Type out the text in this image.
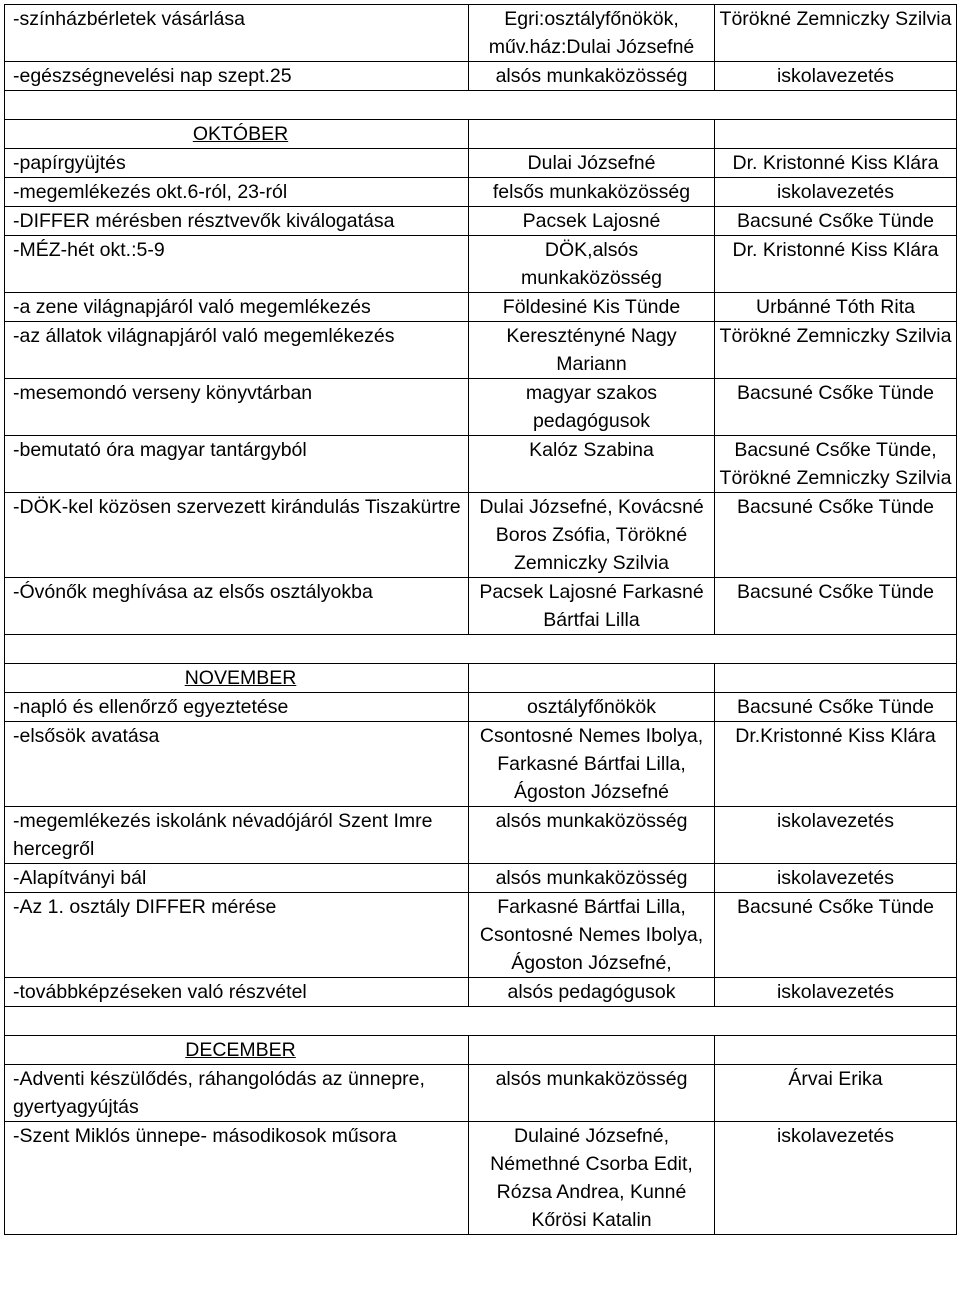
-színházbérletek vásárlása	Egri:osztályfőnökök, műv.ház:Dulai Józsefné	Törökné Zemniczky Szilvia
-egészségnevelési nap szept.25	alsós munkaközösség	iskolavezetés

OKTÓBER		
-papírgyüjtés	Dulai Józsefné	Dr. Kristonné Kiss Klára
-megemlékezés okt.6-ról, 23-ról	felsős munkaközösség	iskolavezetés
-DIFFER mérésben résztvevők kiválogatása	Pacsek Lajosné	Bacsuné Csőke Tünde
-MÉZ-hét okt.:5-9	DÖK,alsós munkaközösség	Dr. Kristonné Kiss Klára
-a zene világnapjáról való megemlékezés	Földesiné Kis Tünde	Urbánné Tóth Rita
-az állatok világnapjáról való megemlékezés	Keresztényné Nagy Mariann	Törökné Zemniczky Szilvia
-mesemondó verseny könyvtárban	magyar szakos pedagógusok	Bacsuné Csőke Tünde
-bemutató óra magyar tantárgyból	Kalóz Szabina	Bacsuné Csőke Tünde, Törökné Zemniczky Szilvia
-DÖK-kel közösen szervezett kirándulás Tiszakürtre	Dulai Józsefné, Kovácsné Boros Zsófia, Törökné Zemniczky Szilvia	Bacsuné Csőke Tünde
-Óvónők meghívása az elsős osztályokba	Pacsek Lajosné Farkasné Bártfai Lilla	Bacsuné Csőke Tünde

NOVEMBER		
-napló és ellenőrző egyeztetése	osztályfőnökök	Bacsuné Csőke Tünde
-elsősök avatása	Csontosné Nemes Ibolya, Farkasné Bártfai Lilla, Ágoston Józsefné	Dr.Kristonné Kiss Klára
-megemlékezés iskolánk névadójáról Szent Imre hercegről	alsós munkaközösség	iskolavezetés
-Alapítványi bál	alsós munkaközösség	iskolavezetés
-Az 1. osztály DIFFER mérése	Farkasné Bártfai Lilla, Csontosné Nemes Ibolya, Ágoston Józsefné,	Bacsuné Csőke Tünde
-továbbképzéseken való részvétel	alsós pedagógusok	iskolavezetés

DECEMBER		
-Adventi készülődés, ráhangolódás az ünnepre, gyertyagyújtás	alsós munkaközösség	Árvai Erika
-Szent Miklós ünnepe- másodikosok műsora	Dulainé Józsefné, Némethné Csorba Edit, Rózsa Andrea, Kunné Kőrösi Katalin	iskolavezetés
